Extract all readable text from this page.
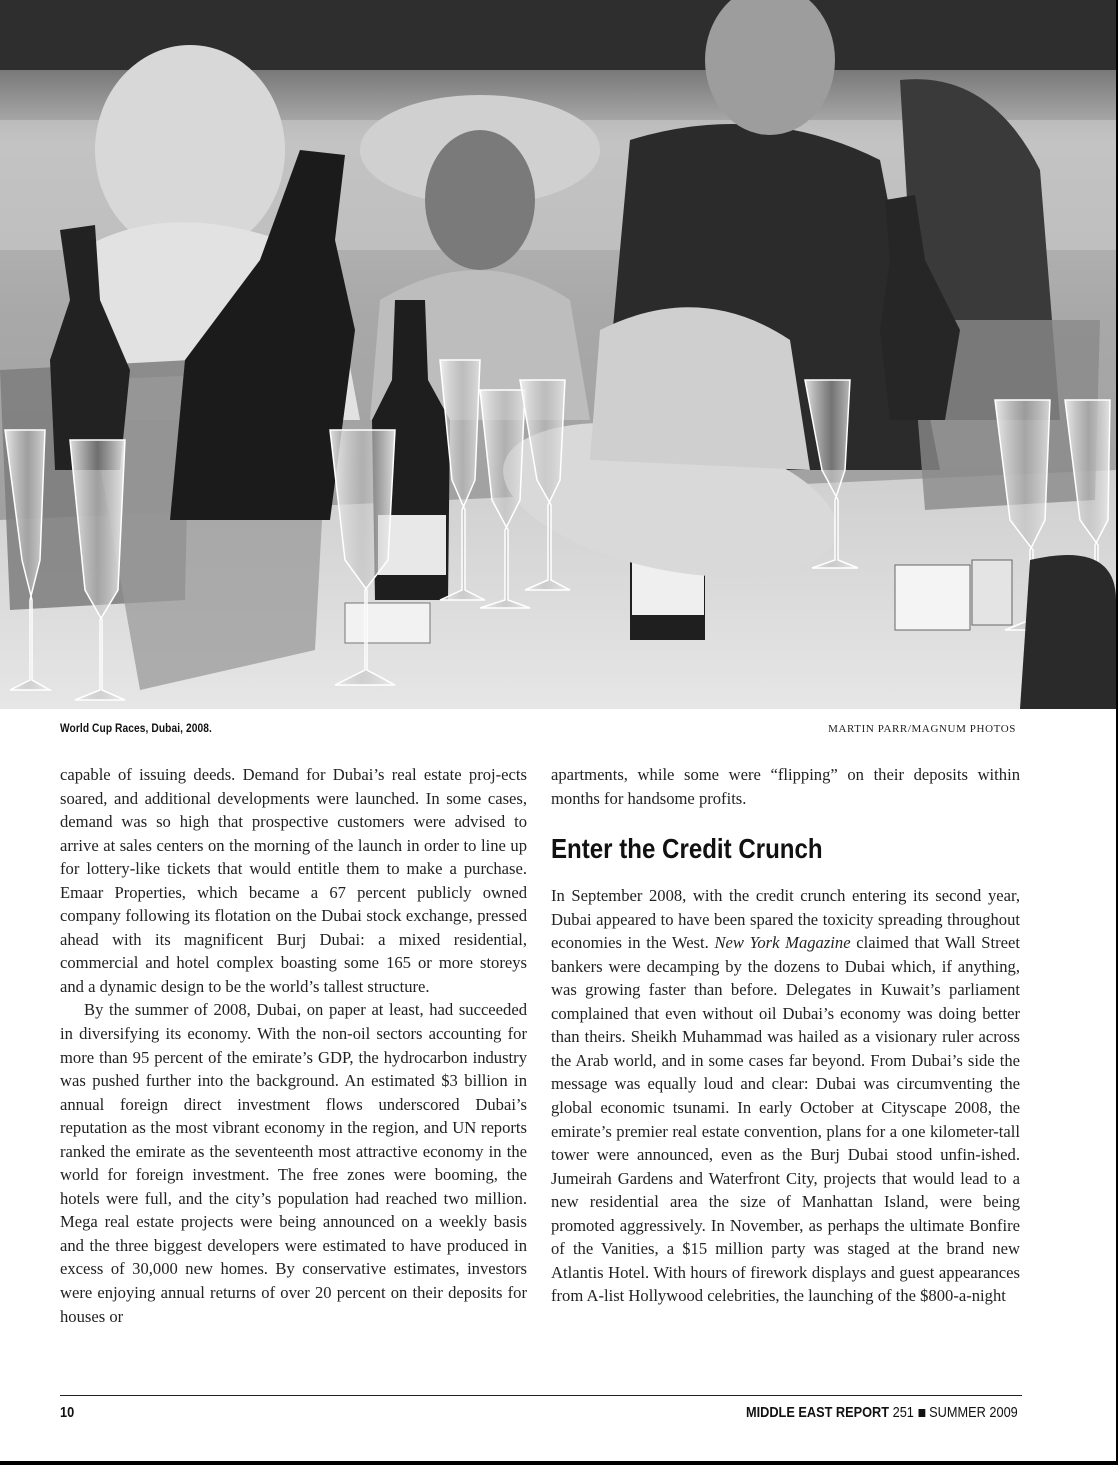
World Cup Races, Dubai, 2008.	MARTIN PARR/MAGNUM PHOTOS

capable of issuing deeds. Demand for Dubai’s real estate proj-ects soared, and additional developments were launched. In some cases, demand was so high that prospective customers were advised to arrive at sales centers on the morning of the launch in order to line up for lottery-like tickets that would entitle them to make a purchase. Emaar Properties, which became a 67 percent publicly owned company following its flotation on the Dubai stock exchange, pressed ahead with its magnificent Burj Dubai: a mixed residential, commercial and hotel complex boasting some 165 or more storeys and a dynamic design to be the world’s tallest structure.

By the summer of 2008, Dubai, on paper at least, had succeeded in diversifying its economy. With the non-oil sectors accounting for more than 95 percent of the emirate’s GDP, the hydrocarbon industry was pushed further into the background. An estimated $3 billion in annual foreign direct investment flows underscored Dubai’s reputation as the most vibrant economy in the region, and UN reports ranked the emirate as the seventeenth most attractive economy in the world for foreign investment. The free zones were booming, the hotels were full, and the city’s population had reached two million. Mega real estate projects were being announced on a weekly basis and the three biggest developers were estimated to have produced in excess of 30,000 new homes. By conservative estimates, investors were enjoying annual returns of over 20 percent on their deposits for houses or

apartments, while some were “flipping” on their deposits within months for handsome profits.

Enter the Credit Crunch

In September 2008, with the credit crunch entering its second year, Dubai appeared to have been spared the toxicity spreading throughout economies in the West. New York Magazine claimed that Wall Street bankers were decamping by the dozens to Dubai which, if anything, was growing faster than before. Delegates in Kuwait’s parliament complained that even without oil Dubai’s economy was doing better than theirs. Sheikh Muhammad was hailed as a visionary ruler across the Arab world, and in some cases far beyond. From Dubai’s side the message was equally loud and clear: Dubai was circumventing the global economic tsunami. In early October at Cityscape 2008, the emirate’s premier real estate convention, plans for a one kilometer-tall tower were announced, even as the Burj Dubai stood unfin-ished. Jumeirah Gardens and Waterfront City, projects that would lead to a new residential area the size of Manhattan Island, were being promoted aggressively. In November, as perhaps the ultimate Bonfire of the Vanities, a $15 million party was staged at the brand new Atlantis Hotel. With hours of firework displays and guest appearances from A-list Hollywood celebrities, the launching of the $800-a-night

10	MIDDLE EAST REPORT 251 SUMMER 2009
